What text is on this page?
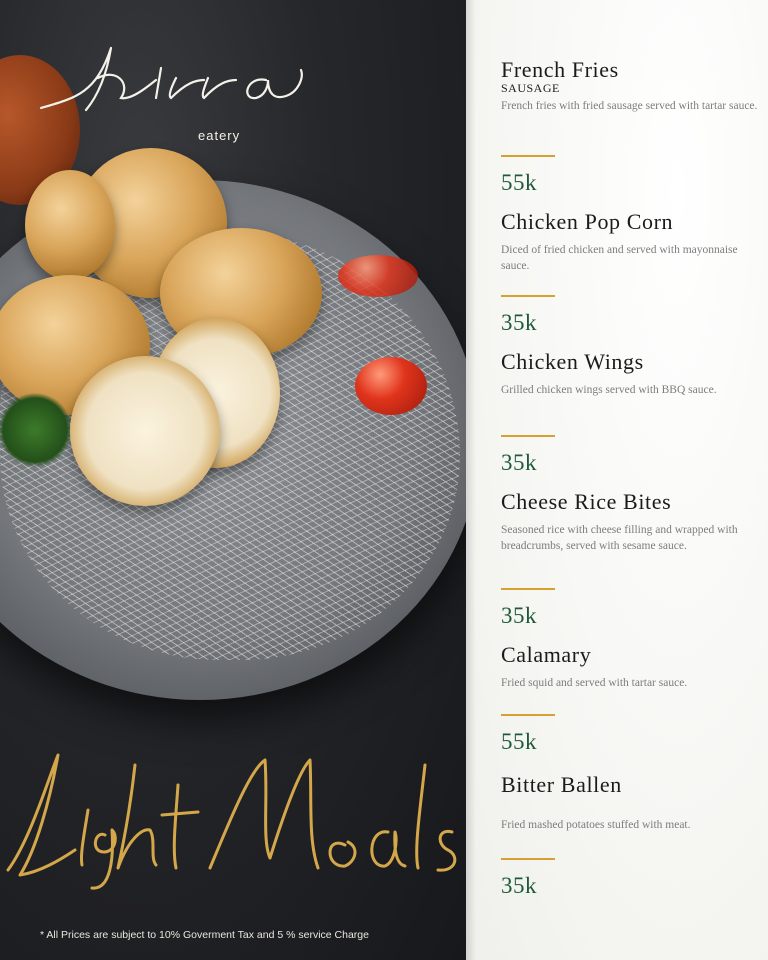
eatery
* All Prices are subject to 10% Goverment Tax and 5 % service Charge
French Fries
SAUSAGE
French fries with fried sausage served with tartar sauce.
55k
Chicken Pop Corn
Diced of fried chicken and served with mayonnaise sauce.
35k
Chicken Wings
Grilled chicken wings served with BBQ sauce.
35k
Cheese Rice Bites
Seasoned rice with cheese filling and wrapped with breadcrumbs, served with sesame sauce.
35k
Calamary
Fried squid and served with tartar sauce.
55k
Bitter Ballen
Fried mashed potatoes stuffed with meat.
35k
